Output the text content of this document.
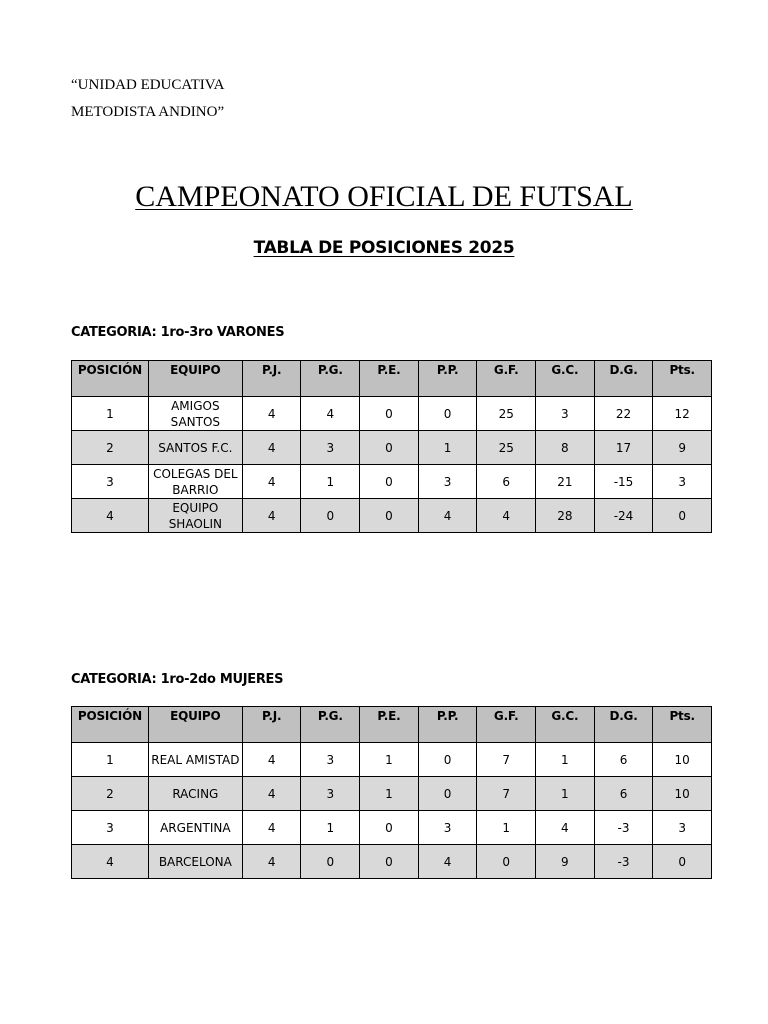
“UNIDAD EDUCATIVA
METODISTA ANDINO”
CAMPEONATO OFICIAL DE FUTSAL
TABLA DE POSICIONES 2025
CATEGORIA: 1ro-3ro VARONES
POSICIÓN	EQUIPO	P.J.	P.G.	P.E.	P.P.	G.F.	G.C.	D.G.	Pts.
1	AMIGOS SANTOS	4	4	0	0	25	3	22	12
2	SANTOS F.C.	4	3	0	1	25	8	17	9
3	COLEGAS DEL BARRIO	4	1	0	3	6	21	-15	3
4	EQUIPO SHAOLIN	4	0	0	4	4	28	-24	0
CATEGORIA: 1ro-2do MUJERES
POSICIÓN	EQUIPO	P.J.	P.G.	P.E.	P.P.	G.F.	G.C.	D.G.	Pts.
1	REAL AMISTAD	4	3	1	0	7	1	6	10
2	RACING	4	3	1	0	7	1	6	10
3	ARGENTINA	4	1	0	3	1	4	-3	3
4	BARCELONA	4	0	0	4	0	9	-3	0
